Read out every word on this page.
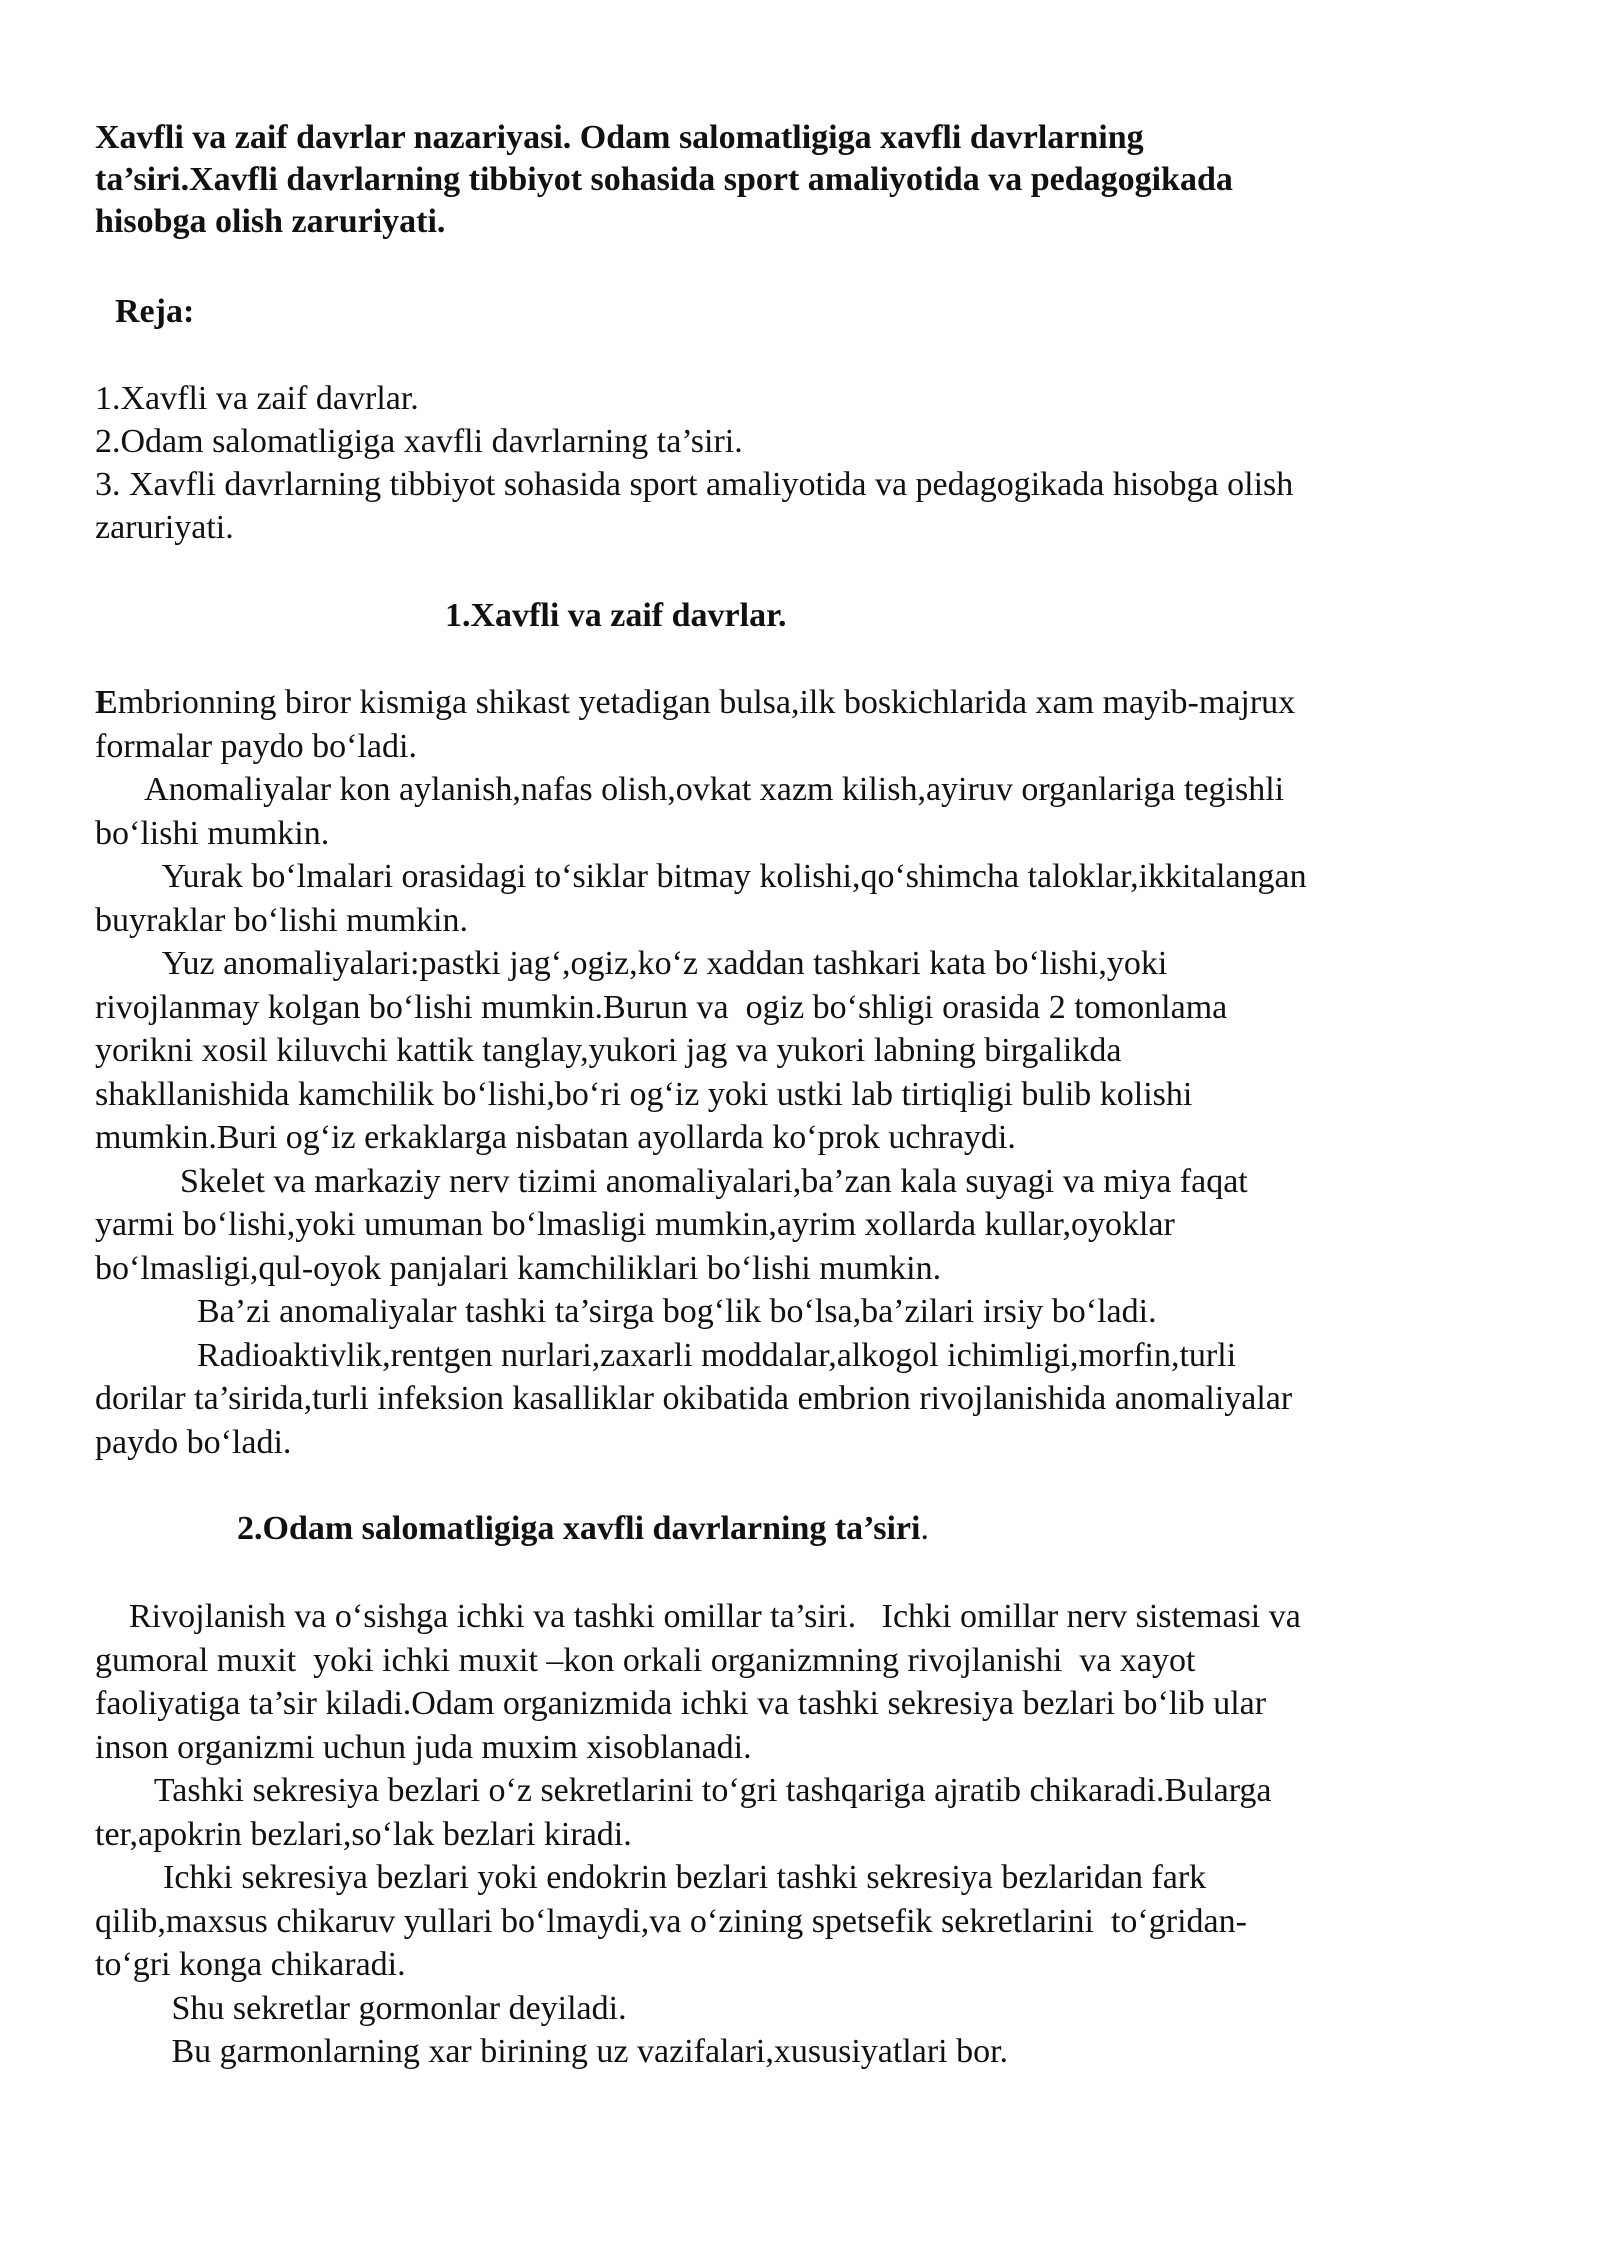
Xavfli va zaif davrlar nazariyasi. Odam salomatligiga xavfli davrlarning
ta’siri.Xavfli davrlarning tibbiyot sohasida sport amaliyotida va pedagogikada
hisobga olish zaruriyati.
Reja:
1.Xavfli va zaif davrlar.
2.Odam salomatligiga xavfli davrlarning ta’siri.
3. Xavfli davrlarning tibbiyot sohasida sport amaliyotida va pedagogikada hisobga olish
zaruriyati.
1.Xavfli va zaif davrlar.
Embrionning biror kismiga shikast yetadigan bulsa,ilk boskichlarida xam mayib-majrux
formalar paydo bo‘ladi.
Anomaliyalar kon aylanish,nafas olish,ovkat xazm kilish,ayiruv organlariga tegishli
bo‘lishi mumkin.
Yurak bo‘lmalari orasidagi to‘siklar bitmay kolishi,qo‘shimcha taloklar,ikkitalangan
buyraklar bo‘lishi mumkin.
Yuz anomaliyalari:pastki jag‘,ogiz,ko‘z xaddan tashkari kata bo‘lishi,yoki
rivojlanmay kolgan bo‘lishi mumkin.Burun va  ogiz bo‘shligi orasida 2 tomonlama
yorikni xosil kiluvchi kattik tanglay,yukori jag va yukori labning birgalikda
shakllanishida kamchilik bo‘lishi,bo‘ri og‘iz yoki ustki lab tirtiqligi bulib kolishi
mumkin.Buri og‘iz erkaklarga nisbatan ayollarda ko‘prok uchraydi.
Skelet va markaziy nerv tizimi anomaliyalari,ba’zan kala suyagi va miya faqat
yarmi bo‘lishi,yoki umuman bo‘lmasligi mumkin,ayrim xollarda kullar,oyoklar
bo‘lmasligi,qul-oyok panjalari kamchiliklari bo‘lishi mumkin.
Ba’zi anomaliyalar tashki ta’sirga bog‘lik bo‘lsa,ba’zilari irsiy bo‘ladi.
Radioaktivlik,rentgen nurlari,zaxarli moddalar,alkogol ichimligi,morfin,turli
dorilar ta’sirida,turli infeksion kasalliklar okibatida embrion rivojlanishida anomaliyalar
paydo bo‘ladi.
2.Odam salomatligiga xavfli davrlarning ta’siri.
Rivojlanish va o‘sishga ichki va tashki omillar ta’siri.   Ichki omillar nerv sistemasi va
gumoral muxit  yoki ichki muxit –kon orkali organizmning rivojlanishi  va xayot
faoliyatiga ta’sir kiladi.Odam organizmida ichki va tashki sekresiya bezlari bo‘lib ular
inson organizmi uchun juda muxim xisoblanadi.
Tashki sekresiya bezlari o‘z sekretlarini to‘gri tashqariga ajratib chikaradi.Bularga
ter,apokrin bezlari,so‘lak bezlari kiradi.
Ichki sekresiya bezlari yoki endokrin bezlari tashki sekresiya bezlaridan fark
qilib,maxsus chikaruv yullari bo‘lmaydi,va o‘zining spetsefik sekretlarini  to‘gridan-
to‘gri konga chikaradi.
Shu sekretlar gormonlar deyiladi.
Bu garmonlarning xar birining uz vazifalari,xususiyatlari bor.
